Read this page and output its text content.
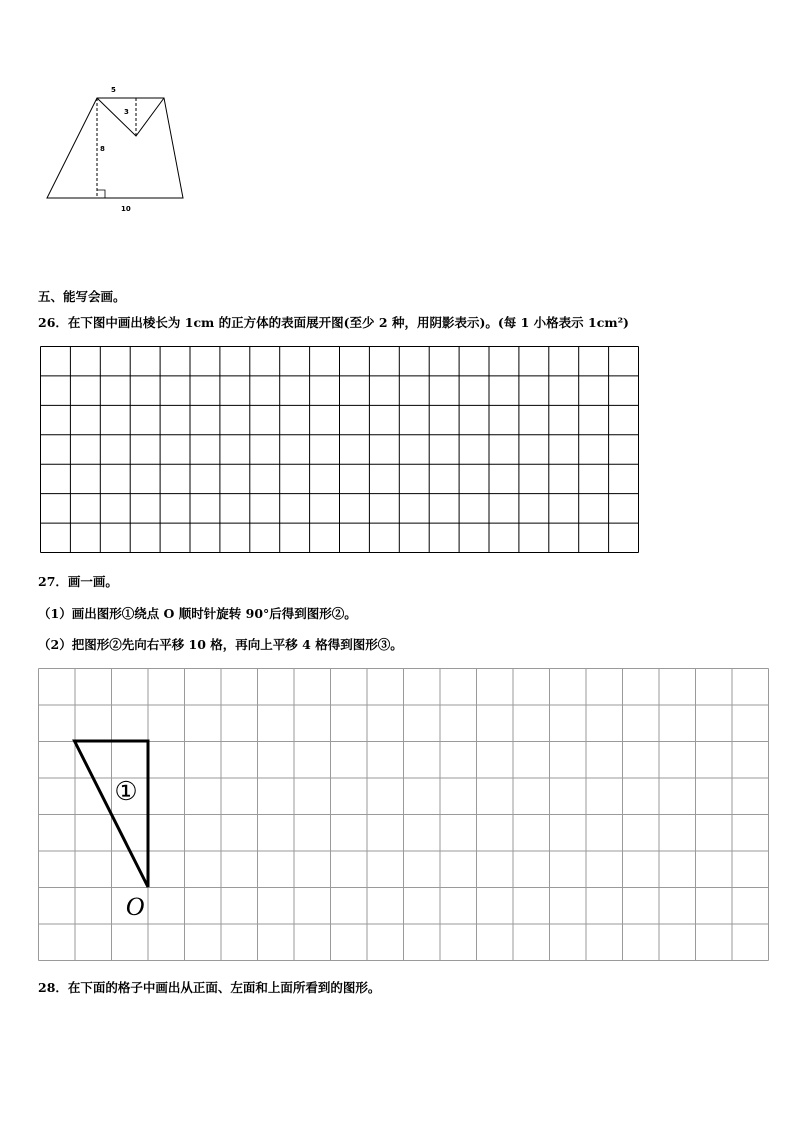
5
3
8
10
五、能写会画。
26．在下图中画出棱长为 1cm 的正方体的表面展开图(至少 2 种，用阴影表示)。(每 1 小格表示 1cm²)
27．画一画。
（1）画出图形①绕点 O 顺时针旋转 90°后得到图形②。
（2）把图形②先向右平移 10 格，再向上平移 4 格得到图形③。
①
O
28．在下面的格子中画出从正面、左面和上面所看到的图形。
